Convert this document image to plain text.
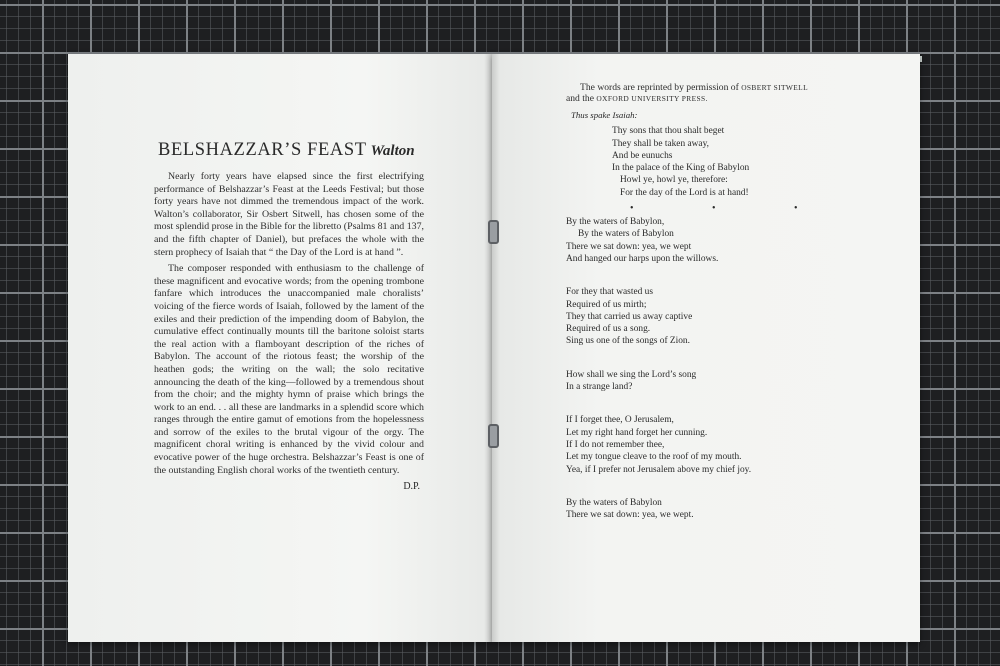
BELSHAZZAR’S FEAST Walton

Nearly forty years have elapsed since the first electrifying performance of Belshazzar’s Feast at the Leeds Festival; but those forty years have not dimmed the tremendous impact of the work. Walton’s collaborator, Sir Osbert Sitwell, has chosen some of the most splendid prose in the Bible for the libretto (Psalms 81 and 137, and the fifth chapter of Daniel), but prefaces the whole with the stern prophecy of Isaiah that “ the Day of the Lord is at hand ”.

The composer responded with enthusiasm to the challenge of these magnificent and evocative words; from the opening trombone fanfare which introduces the unaccompanied male choralists’ voicing of the fierce words of Isaiah, followed by the lament of the exiles and their prediction of the impending doom of Babylon, the cumulative effect continually mounts till the baritone soloist starts the real action with a flamboyant description of the riches of Babylon. The account of the riotous feast; the worship of the heathen gods; the writing on the wall; the solo recitative announcing the death of the king—followed by a tremendous shout from the choir; and the mighty hymn of praise which brings the work to an end. . . all these are landmarks in a splendid score which ranges through the entire gamut of emotions from the hopelessness and sorrow of the exiles to the brutal vigour of the orgy. The magnificent choral writing is enhanced by the vivid colour and evocative power of the huge orchestra. Belshazzar’s Feast is one of the outstanding English choral works of the twentieth century.

D.P.

The words are reprinted by permission of OSBERT SITWELL
and the OXFORD UNIVERSITY PRESS.

Thus spake Isaiah:
Thy sons that thou shalt beget
They shall be taken away,
And be eunuchs
In the palace of the King of Babylon
Howl ye, howl ye, therefore:
For the day of the Lord is at hand!
• • •
By the waters of Babylon,
By the waters of Babylon
There we sat down: yea, we wept
And hanged our harps upon the willows.
For they that wasted us
Required of us mirth;
They that carried us away captive
Required of us a song.
Sing us one of the songs of Zion.
How shall we sing the Lord’s song
In a strange land?
If I forget thee, O Jerusalem,
Let my right hand forget her cunning.
If I do not remember thee,
Let my tongue cleave to the roof of my mouth.
Yea, if I prefer not Jerusalem above my chief joy.
By the waters of Babylon
There we sat down: yea, we wept.
